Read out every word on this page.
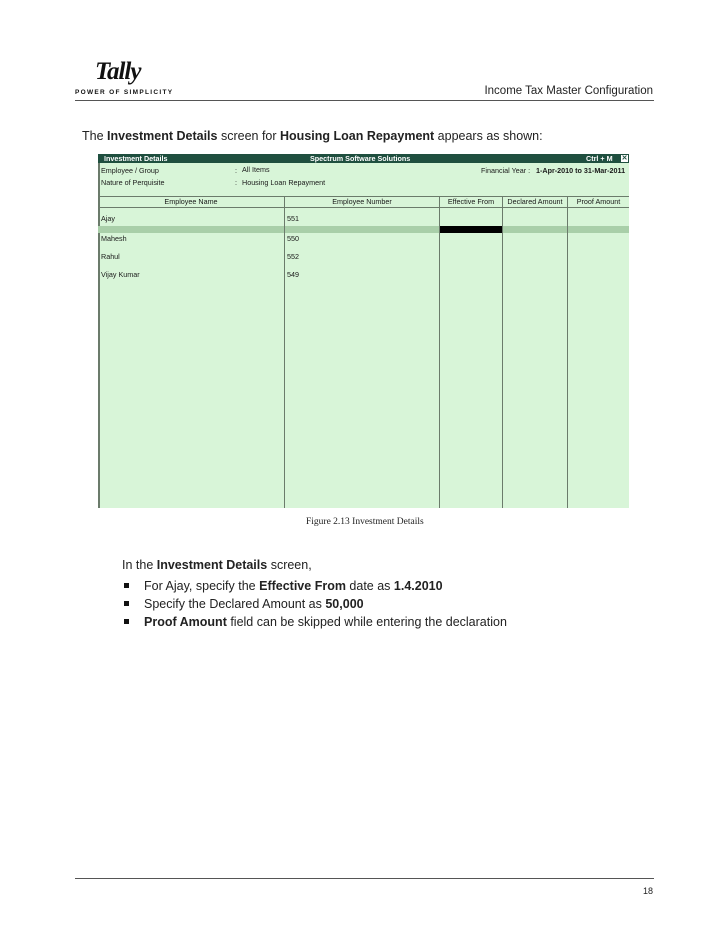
Tally
POWER OF SIMPLICITY	Income Tax Master Configuration
The Investment Details screen for Housing Loan Repayment appears as shown:
Investment Details	Spectrum Software Solutions	Ctrl + M ✕
Employee / Group	: All Items
Nature of Perquisite	: Housing Loan Repayment
Financial Year : 1-Apr-2010 to 31-Mar-2011
Employee Name	Employee Number	Effective From	Declared Amount	Proof Amount
Ajay	551
Mahesh	550
Rahul	552
Vijay Kumar	549
Figure 2.13 Investment Details
In the Investment Details screen,
For Ajay, specify the Effective From date as 1.4.2010
Specify the Declared Amount as 50,000
Proof Amount field can be skipped while entering the declaration
18
